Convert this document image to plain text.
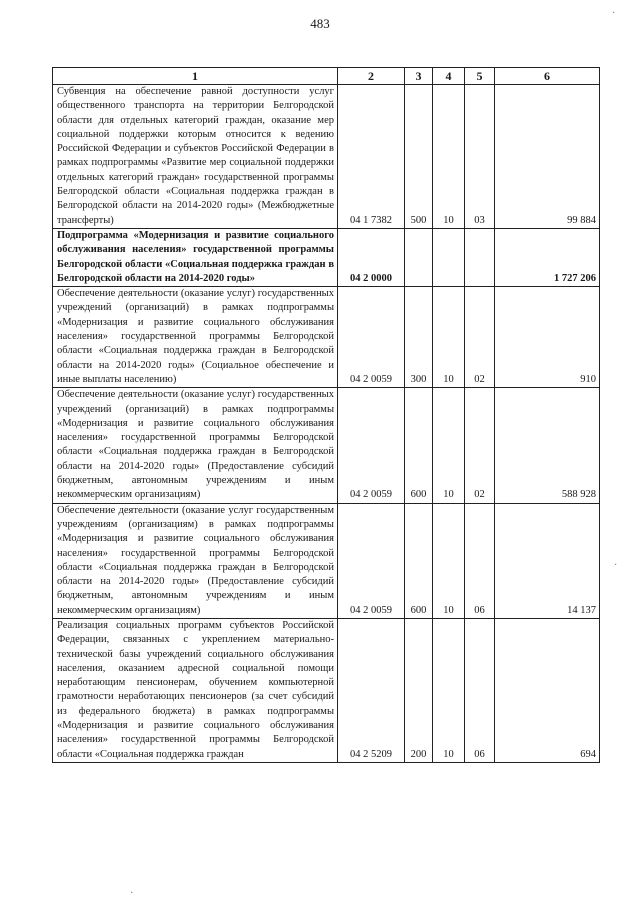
483
1	2	3	4	5	6
Субвенция на обеспечение равной доступности услуг общественного транспорта на территории Белгородской области для отдельных категорий граждан, оказание мер социальной поддержки которым относится к ведению Российской Федерации и субъектов Российской Федерации в рамках подпрограммы «Развитие мер социальной поддержки отдельных категорий граждан» государственной программы Белгородской области «Социальная поддержка граждан в Белгородской области на 2014-2020 годы» (Межбюджетные трансферты)	04 1 7382	500	10	03	99 884
Подпрограмма «Модернизация и развитие социального обслуживания населения» государственной программы Белгородской области «Социальная поддержка граждан в Белгородской области на 2014-2020 годы»	04 2 0000				1 727 206
Обеспечение деятельности (оказание услуг) государственных учреждений (организаций) в рамках подпрограммы «Модернизация и развитие социального обслуживания населения» государственной программы Белгородской области «Социальная поддержка граждан в Белгородской области на 2014-2020 годы» (Социальное обеспечение и иные выплаты населению)	04 2 0059	300	10	02	910
Обеспечение деятельности (оказание услуг) государственных учреждений (организаций) в рамках подпрограммы «Модернизация и развитие социального обслуживания населения» государственной программы Белгородской области «Социальная поддержка граждан в Белгородской области на 2014-2020 годы» (Предоставление субсидий бюджетным, автономным учреждениям и иным некоммерческим организациям)	04 2 0059	600	10	02	588 928
Обеспечение деятельности (оказание услуг государственным учреждениям (организациям) в рамках подпрограммы «Модернизация и развитие социального обслуживания населения» государственной программы Белгородской области «Социальная поддержка граждан в Белгородской области на 2014-2020 годы» (Предоставление субсидий бюджетным, автономным учреждениям и иным некоммерческим организациям)	04 2 0059	600	10	06	14 137
Реализация социальных программ субъектов Российской Федерации, связанных с укреплением материально-технической базы учреждений социального обслуживания населения, оказанием адресной социальной помощи неработающим пенсионерам, обучением компьютерной грамотности неработающих пенсионеров (за счет субсидий из федерального бюджета) в рамках подпрограммы «Модернизация и развитие социального обслуживания населения» государственной программы Белгородской области «Социальная поддержка граждан	04 2 5209	200	10	06	694
·
·
·
